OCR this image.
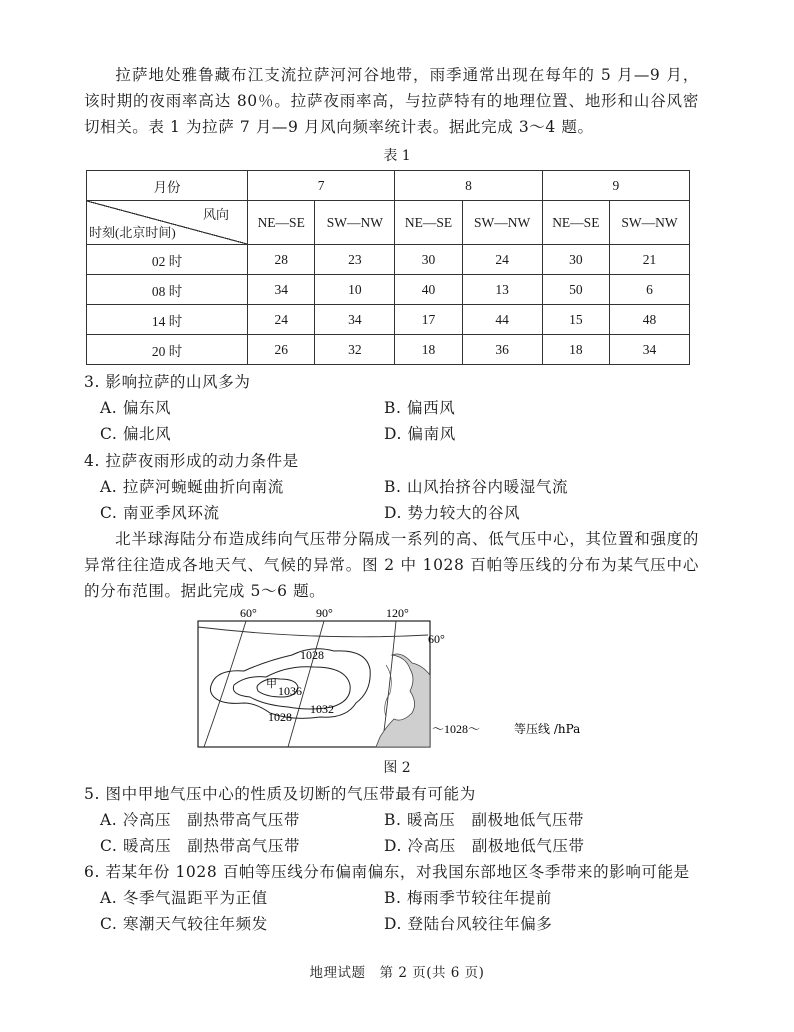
拉萨地处雅鲁藏布江支流拉萨河河谷地带，雨季通常出现在每年的 5 月—9 月，该时期的夜雨率高达 80％。拉萨夜雨率高，与拉萨特有的地理位置、地形和山谷风密切相关。表 1 为拉萨 7 月—9 月风向频率统计表。据此完成 3～4 题。

表 1
月份	7		8		9	

风向
时刻(北京时间)	NE—SE	SW—NW	NE—SE	SW—NW	NE—SE	SW—NW
02 时	28	23	30	24	30	21
08 时	34	10	40	13	50	6
14 时	24	34	17	44	15	48
20 时	26	32	18	36	18	34
3. 影响拉萨的山风多为
A. 偏东风	B. 偏西风
C. 偏北风	D. 偏南风
4. 拉萨夜雨形成的动力条件是
A. 拉萨河蜿蜒曲折向南流	B. 山风抬挤谷内暖湿气流
C. 南亚季风环流	D. 势力较大的谷风

北半球海陆分布造成纬向气压带分隔成一系列的高、低气压中心，其位置和强度的异常往往造成各地天气、气候的异常。图 2 中 1028 百帕等压线的分布为某气压中心的分布范围。据此完成 5～6 题。

60°	90°	120°
60°
1028
甲
1036
1032
1028
～1028～	等压线 /hPa
图 2
5. 图中甲地气压中心的性质及切断的气压带最有可能为
A. 冷高压　副热带高气压带	B. 暖高压　副极地低气压带
C. 暖高压　副热带高气压带	D. 冷高压　副极地低气压带
6. 若某年份 1028 百帕等压线分布偏南偏东，对我国东部地区冬季带来的影响可能是
A. 冬季气温距平为正值	B. 梅雨季节较往年提前
C. 寒潮天气较往年频发	D. 登陆台风较往年偏多
地理试题　第 2 页(共 6 页)
